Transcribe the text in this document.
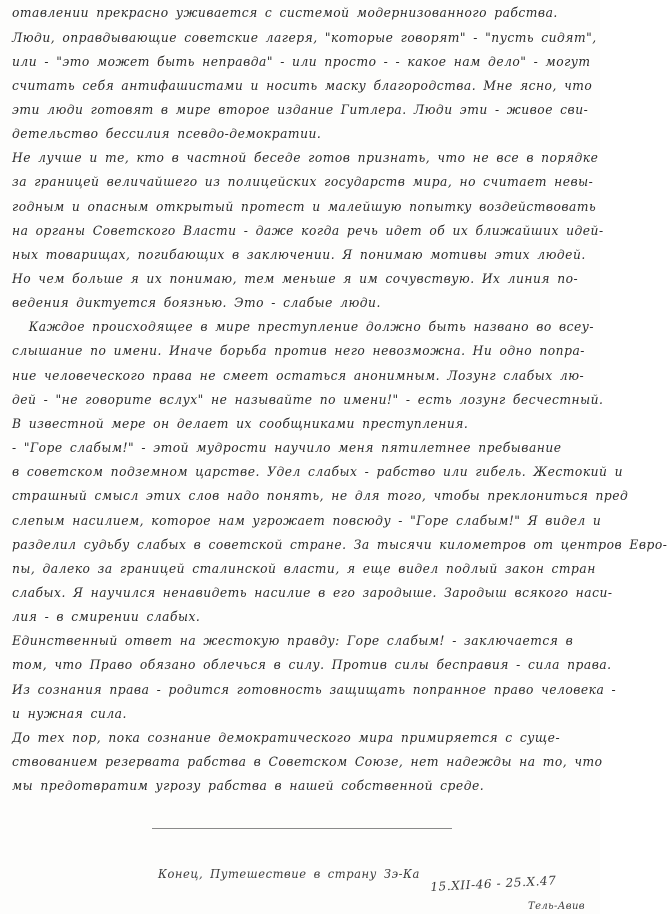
отавлении прекрасно уживается с системой модернизованного рабства.
Люди, оправдывающие советские лагеря, "которые говорят" - "пусть сидят",
или - "это может быть неправда" - или просто - - какое нам дело" - могут
считать себя антифашистами и носить маску благородства. Мне ясно, что
эти люди готовят в мире второе издание Гитлера. Люди эти - живое сви-
детельство бессилия псевдо-демократии.
Не лучше и те, кто в частной беседе готов признать, что не все в порядке
за границей величайшего из полицейских государств мира, но считает невы-
годным и опасным открытый протест и малейшую попытку воздействовать
на органы Советского Власти - даже когда речь идет об их ближайших идей-
ных товарищах, погибающих в заключении. Я понимаю мотивы этих людей.
Но чем больше я их понимаю, тем меньше я им сочувствую. Их линия по-
ведения диктуется боязнью. Это - слабые люди.
Каждое происходящее в мире преступление должно быть названо во всеу-
слышание по имени. Иначе борьба против него невозможна. Ни одно попра-
ние человеческого права не смеет остаться анонимным. Лозунг слабых лю-
дей - "не говорите вслух" не называйте по имени!" - есть лозунг бесчестный.
В известной мере он делает их сообщниками преступления.
- "Горе слабым!" - этой мудрости научило меня пятилетнее пребывание
в советском подземном царстве. Удел слабых - рабство или гибель. Жестокий и
страшный смысл этих слов надо понять, не для того, чтобы преклониться пред
слепым насилием, которое нам угрожает повсюду - "Горе слабым!" Я видел и
разделил судьбу слабых в советской стране. За тысячи километров от центров Евро-
пы, далеко за границей сталинской власти, я еще видел подлый закон стран
слабых. Я научился ненавидеть насилие в его зародыше. Зародыш всякого наси-
лия - в смирении слабых.
Единственный ответ на жестокую правду: Горе слабым! - заключается в
том, что Право обязано облечься в силу. Против силы бесправия - сила права.
Из сознания права - родится готовность защищать попранное право человека -
и нужная сила.
До тех пор, пока сознание демократического мира примиряется с суще-
ствованием резервата рабства в Советском Союзе, нет надежды на то, что
мы предотвратим угрозу рабства в нашей собственной среде.
Конец, Путешествие в страну Зэ-Ка 15.XII-46 - 25.X.47
Тель-Авив
